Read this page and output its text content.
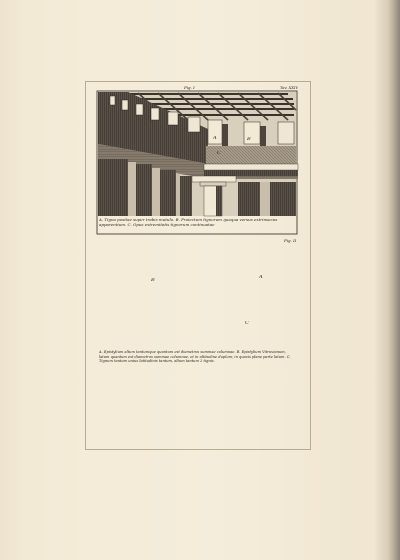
Fig. I	Tav. XXIV
A	B
C
A. Tigna positae super trabis mutulo. B. Proiectum tignorum quaqua versus extrinsecus apparentium. C. Opus extremitatis tignorum continuatae
Fig. II
A
B
C
A. Epistylium altum tantumque quantum est diametros summae columnae. B. Epistylium Vitruvianum, latum quantum est diametros summae columnae, et in altitudine duplum; in quavis plane parte latum. C. Tignum tantum unius latitudinis tantum, altum tantum 2 tignis.
Fig. III
